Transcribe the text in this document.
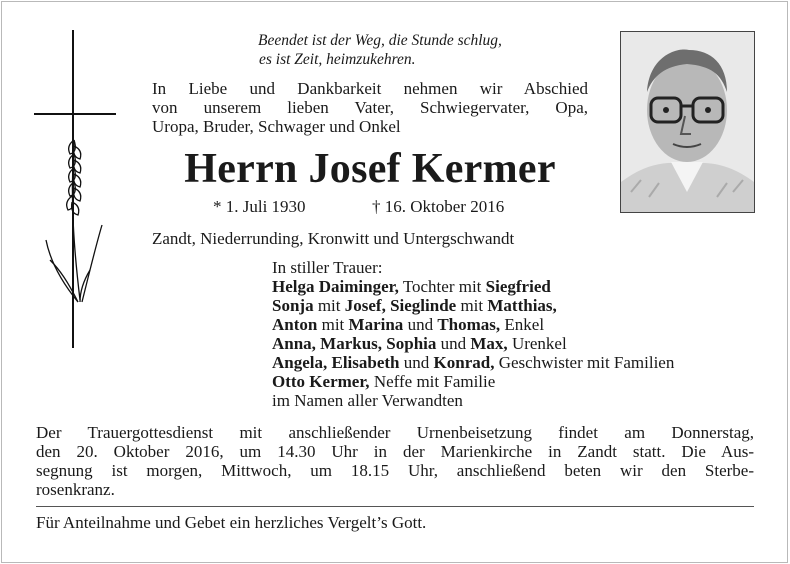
Beendet ist der Weg, die Stunde schlug,
es ist Zeit, heimzukehren.
In Liebe und Dankbarkeit nehmen wir Abschied
von unserem lieben Vater, Schwiegervater, Opa,
Uropa, Bruder, Schwager und Onkel
Herrn Josef Kermer
* 1. Juli 1930	† 16. Oktober 2016
Zandt, Niederrunding, Kronwitt und Untergschwandt
In stiller Trauer:
Helga Daiminger, Tochter mit Siegfried
Sonja mit Josef, Sieglinde mit Matthias,
Anton mit Marina und Thomas, Enkel
Anna, Markus, Sophia und Max, Urenkel
Angela, Elisabeth und Konrad, Geschwister mit Familien
Otto Kermer, Neffe mit Familie
im Namen aller Verwandten
Der Trauergottesdienst mit anschließender Urnenbeisetzung findet am Donnerstag,
den 20. Oktober 2016, um 14.30 Uhr in der Marienkirche in Zandt statt. Die Aus-
segnung ist morgen, Mittwoch, um 18.15 Uhr, anschließend beten wir den Sterbe-
rosenkranz.
Für Anteilnahme und Gebet ein herzliches Vergelt’s Gott.
